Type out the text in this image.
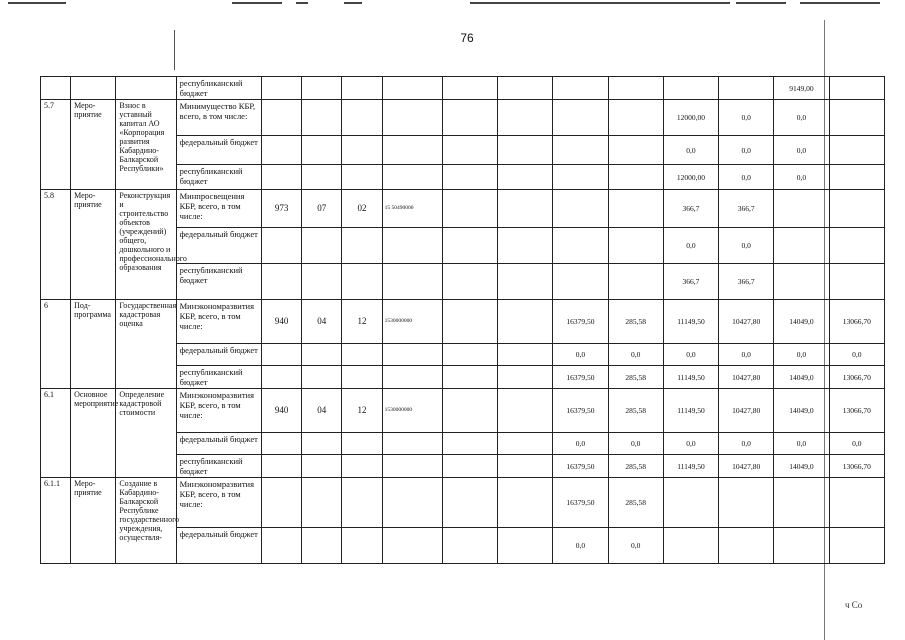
76
			республиканский бюджет											9149,00	
5.7	Меро-приятие	Взнос в уставный капитал АО «Корпорация развития Кабардино-Балкарской Республики»	Минимущество КБР, всего, в том числе:									12000,00	0,0	0,0	
			федеральный бюджет									0,0	0,0	0,0	
			республиканский бюджет									12000,00	0,0	0,0	
5.8	Меро-приятие	Реконструкция и строительство объектов (учреждений) общего, дошкольного и профессионального образования	Минпросвещения КБР, всего, в том числе:	973	07	02	15 50490000					366,7	366,7		
			федеральный бюджет									0,0	0,0		
			республиканский бюджет									366,7	366,7		
6	Под-программа	Государственная кадастровая оценка	Минэкономразвития КБР, всего, в том числе:	940	04	12	1530000000			16379,50	285,58	11149,50	10427,80	14049,0	13066,70
			федеральный бюджет							0,0	0,0	0,0	0,0	0,0	0,0
			республиканский бюджет							16379,50	285,58	11149,50	10427,80	14049,0	13066,70
6.1	Основное мероприятие	Определение кадастровой стоимости	Минэкономразвития КБР, всего, в том числе:	940	04	12	1530000000			16379,50	285,58	11149,50	10427,80	14049,0	13066,70
			федеральный бюджет							0,0	0,0	0,0	0,0	0,0	0,0
			республиканский бюджет							16379,50	285,58	11149,50	10427,80	14049,0	13066,70
6.1.1	Меро-приятие	Создание в Кабардино-Балкарской Республике государственного учреждения, осуществля-	Минэкономразвития КБР, всего, в том числе:							16379,50	285,58				
			федеральный бюджет							0,0	0,0				
ч Со
